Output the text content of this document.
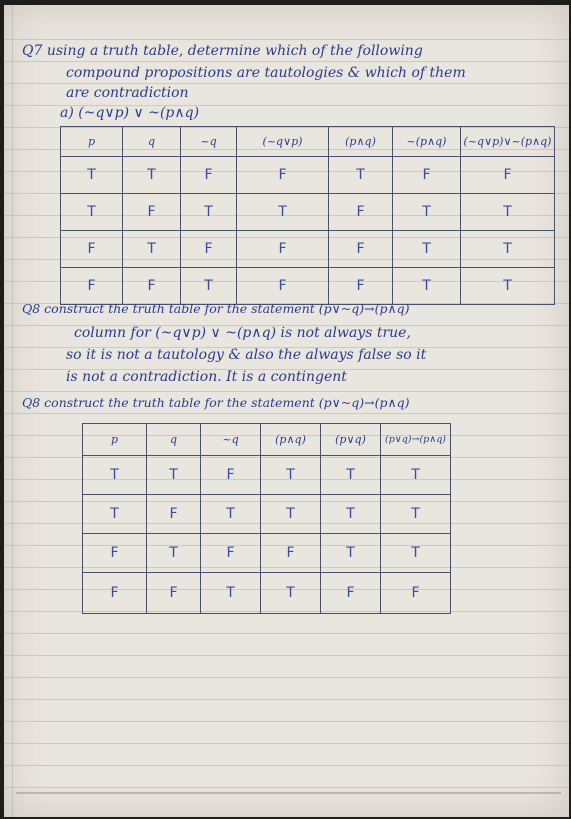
Q7 using a truth table, determine which of the following
compound propositions are tautologies & which of them
are contradiction
a) (~q∨p) ∨ ~(p∧q)
p	q	~q	(~q∨p)	(p∧q)	~(p∧q)	(~q∨p)∨~(p∧q)
T	T	F	F	T	F	F
T	F	T	T	F	T	T
F	T	F	F	F	T	T
F	F	T	F	F	T	T
Q8 construct the truth table for the statement (p∨~q)→(p∧q)
column for (~q∨p) ∨ ~(p∧q) is not always true,
so it is not a tautology & also the always false so it
is not a contradiction. It is a contingent
Q8 construct the truth table for the statement (p∨~q)→(p∧q)
p	q	~q	(p∧q)	(p∨q)	(p∨q)→(p∧q)
T	T	F	T	T	T
T	F	T	T	T	T
F	T	F	F	T	T
F	F	T	T	F	F
